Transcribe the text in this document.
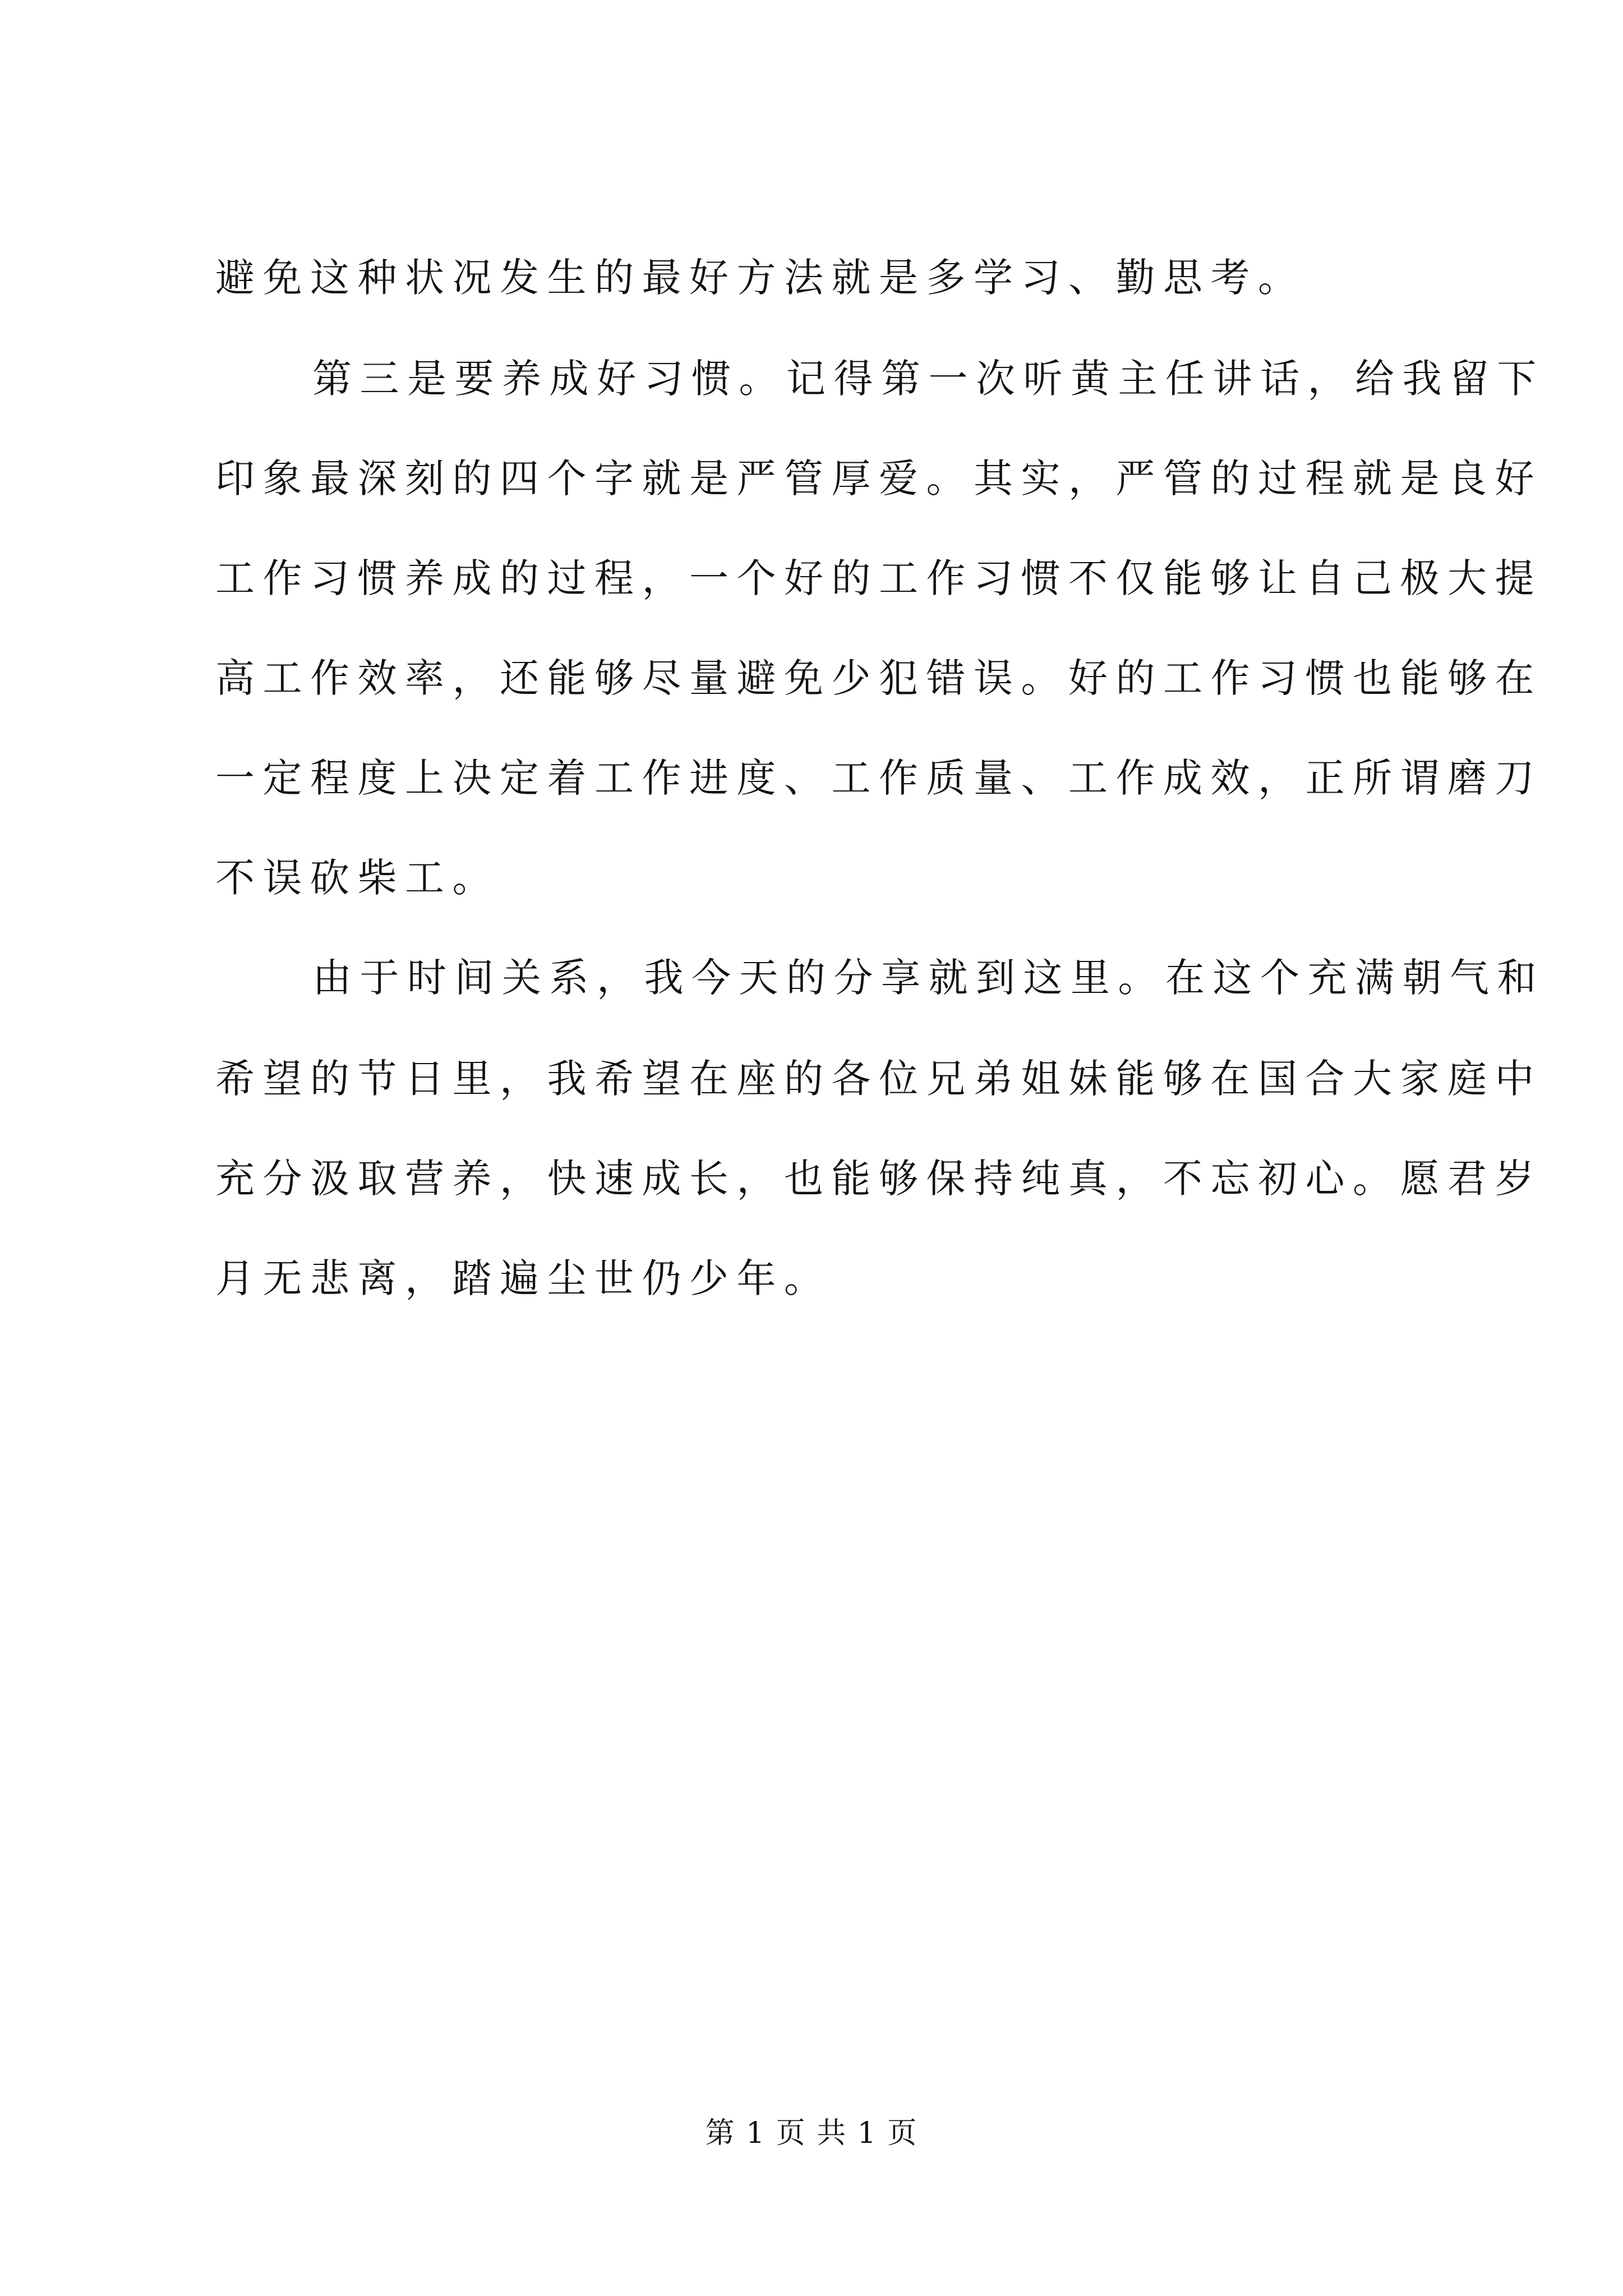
避免这种状况发生的最好方法就是多学习、勤思考。
第三是要养成好习惯。记得第一次听黄主任讲话，给我留下
印象最深刻的四个字就是严管厚爱。其实，严管的过程就是良好
工作习惯养成的过程，一个好的工作习惯不仅能够让自己极大提
高工作效率，还能够尽量避免少犯错误。好的工作习惯也能够在
一定程度上决定着工作进度、工作质量、工作成效，正所谓磨刀
不误砍柴工。
由于时间关系，我今天的分享就到这里。在这个充满朝气和
希望的节日里，我希望在座的各位兄弟姐妹能够在国合大家庭中
充分汲取营养，快速成长，也能够保持纯真，不忘初心。愿君岁
月无悲离，踏遍尘世仍少年。
第 1 页 共 1 页
